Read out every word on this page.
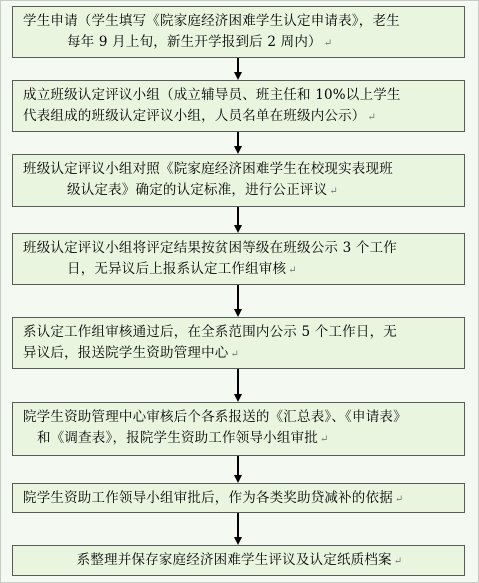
学生申请（学生填写《院家庭经济困难学生认定申请表》，老生
每年 9 月上旬，新生开学报到后 2 周内） ↵
成立班级认定评议小组（成立辅导员、班主任和 10%以上学生
代表组成的班级认定评议小组，人员名单在班级内公示） ↵
班级认定评议小组对照《院家庭经济困难学生在校现实表现班
级认定表》确定的认定标准，进行公正评议 ↵
班级认定评议小组将评定结果按贫困等级在班级公示 3 个工作
日，无异议后上报系认定工作组审核 ↵
系认定工作组审核通过后，在全系范围内公示 5 个工作日，无
异议后，报送院学生资助管理中心 ↵
院学生资助管理中心审核后个各系报送的《汇总表》、《申请表》
和《调查表》，报院学生资助工作领导小组审批 ↵
院学生资助工作领导小组审批后，作为各类奖助贷减补的依据 ↵
系整理并保存家庭经济困难学生评议及认定纸质档案 ↵
